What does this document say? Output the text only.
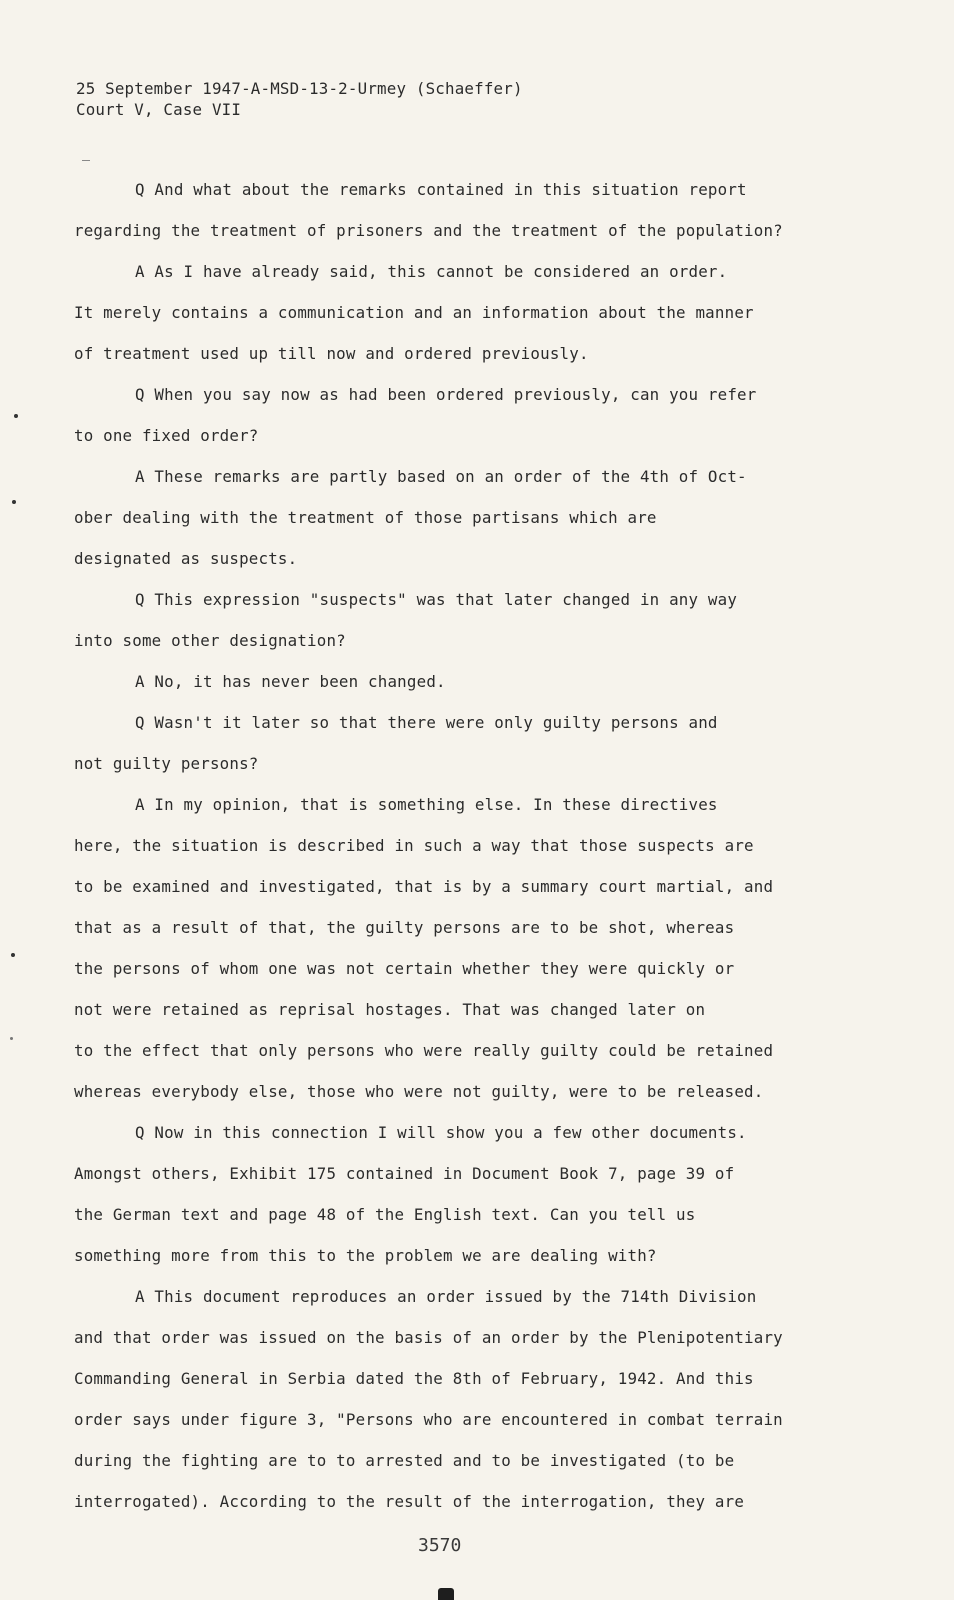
25 September 1947-A-MSD-13-2-Urmey (Schaeffer)
Court V, Case VII
Q And what about the remarks contained in this situation report
regarding the treatment of prisoners and the treatment of the population?
A As I have already said, this cannot be considered an order.
It merely contains a communication and an information about the manner
of treatment used up till now and ordered previously.
Q When you say now as had been ordered previously, can you refer
to one fixed order?
A These remarks are partly based on an order of the 4th of Oct-
ober dealing with the treatment of those partisans which are
designated as suspects.
Q This expression "suspects" was that later changed in any way
into some other designation?
A No, it has never been changed.
Q Wasn't it later so that there were only guilty persons and
not guilty persons?
A In my opinion, that is something else. In these directives
here, the situation is described in such a way that those suspects are
to be examined and investigated, that is by a summary court martial, and
that as a result of that, the guilty persons are to be shot, whereas
the persons of whom one was not certain whether they were quickly or
not were retained as reprisal hostages. That was changed later on
to the effect that only persons who were really guilty could be retained
whereas everybody else, those who were not guilty, were to be released.
Q Now in this connection I will show you a few other documents.
Amongst others, Exhibit 175 contained in Document Book 7, page 39 of
the German text and page 48 of the English text. Can you tell us
something more from this to the problem we are dealing with?
A This document reproduces an order issued by the 714th Division
and that order was issued on the basis of an order by the Plenipotentiary
Commanding General in Serbia dated the 8th of February, 1942. And this
order says under figure 3, "Persons who are encountered in combat terrain
during the fighting are to to arrested and to be investigated (to be
interrogated). According to the result of the interrogation, they are
3570
